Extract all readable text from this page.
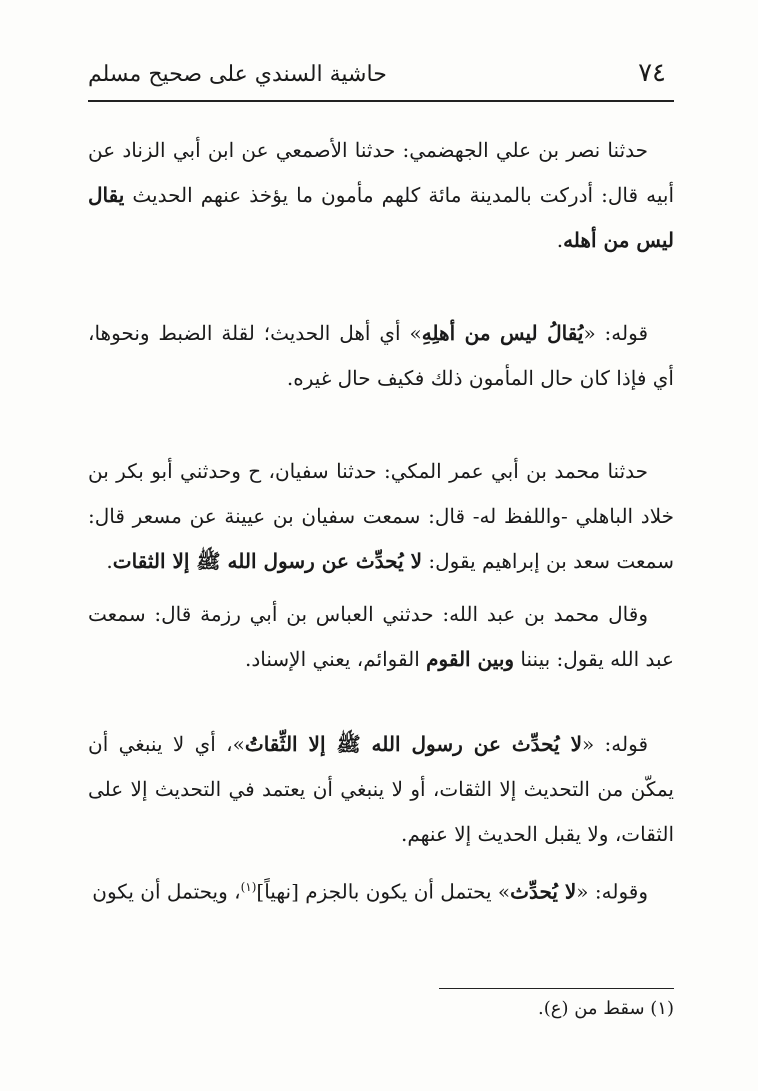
٧٤
حاشية السندي على صحيح مسلم

حدثنا نصر بن علي الجهضمي: حدثنا الأصمعي عن ابن أبي الزناد عن أبيه قال: أدركت بالمدينة مائة كلهم مأمون ما يؤخذ عنهم الحديث يقال ليس من أهله.

قوله: «يُقالُ ليس من أهلِهِ» أي أهل الحديث؛ لقلة الضبط ونحوها، أي فإذا كان حال المأمون ذلك فكيف حال غيره.

حدثنا محمد بن أبي عمر المكي: حدثنا سفيان، ح وحدثني أبو بكر بن خلاد الباهلي -واللفظ له- قال: سمعت سفيان بن عيينة عن مسعر قال: سمعت سعد بن إبراهيم يقول: لا يُحدِّث عن رسول الله ﷺ إلا الثقات.

وقال محمد بن عبد الله: حدثني العباس بن أبي رزمة قال: سمعت عبد الله يقول: بيننا وبين القوم القوائم، يعني الإسناد.

قوله: «لا يُحدِّث عن رسول الله ﷺ إلا الثِّقاتُ»، أي لا ينبغي أن يمكّن من التحديث إلا الثقات، أو لا ينبغي أن يعتمد في التحديث إلا على الثقات، ولا يقبل الحديث إلا عنهم.

وقوله: «لا يُحدِّث» يحتمل أن يكون بالجزم [نهياً]$^{(١)}$، ويحتمل أن يكون

(١) سقط من (ع).
